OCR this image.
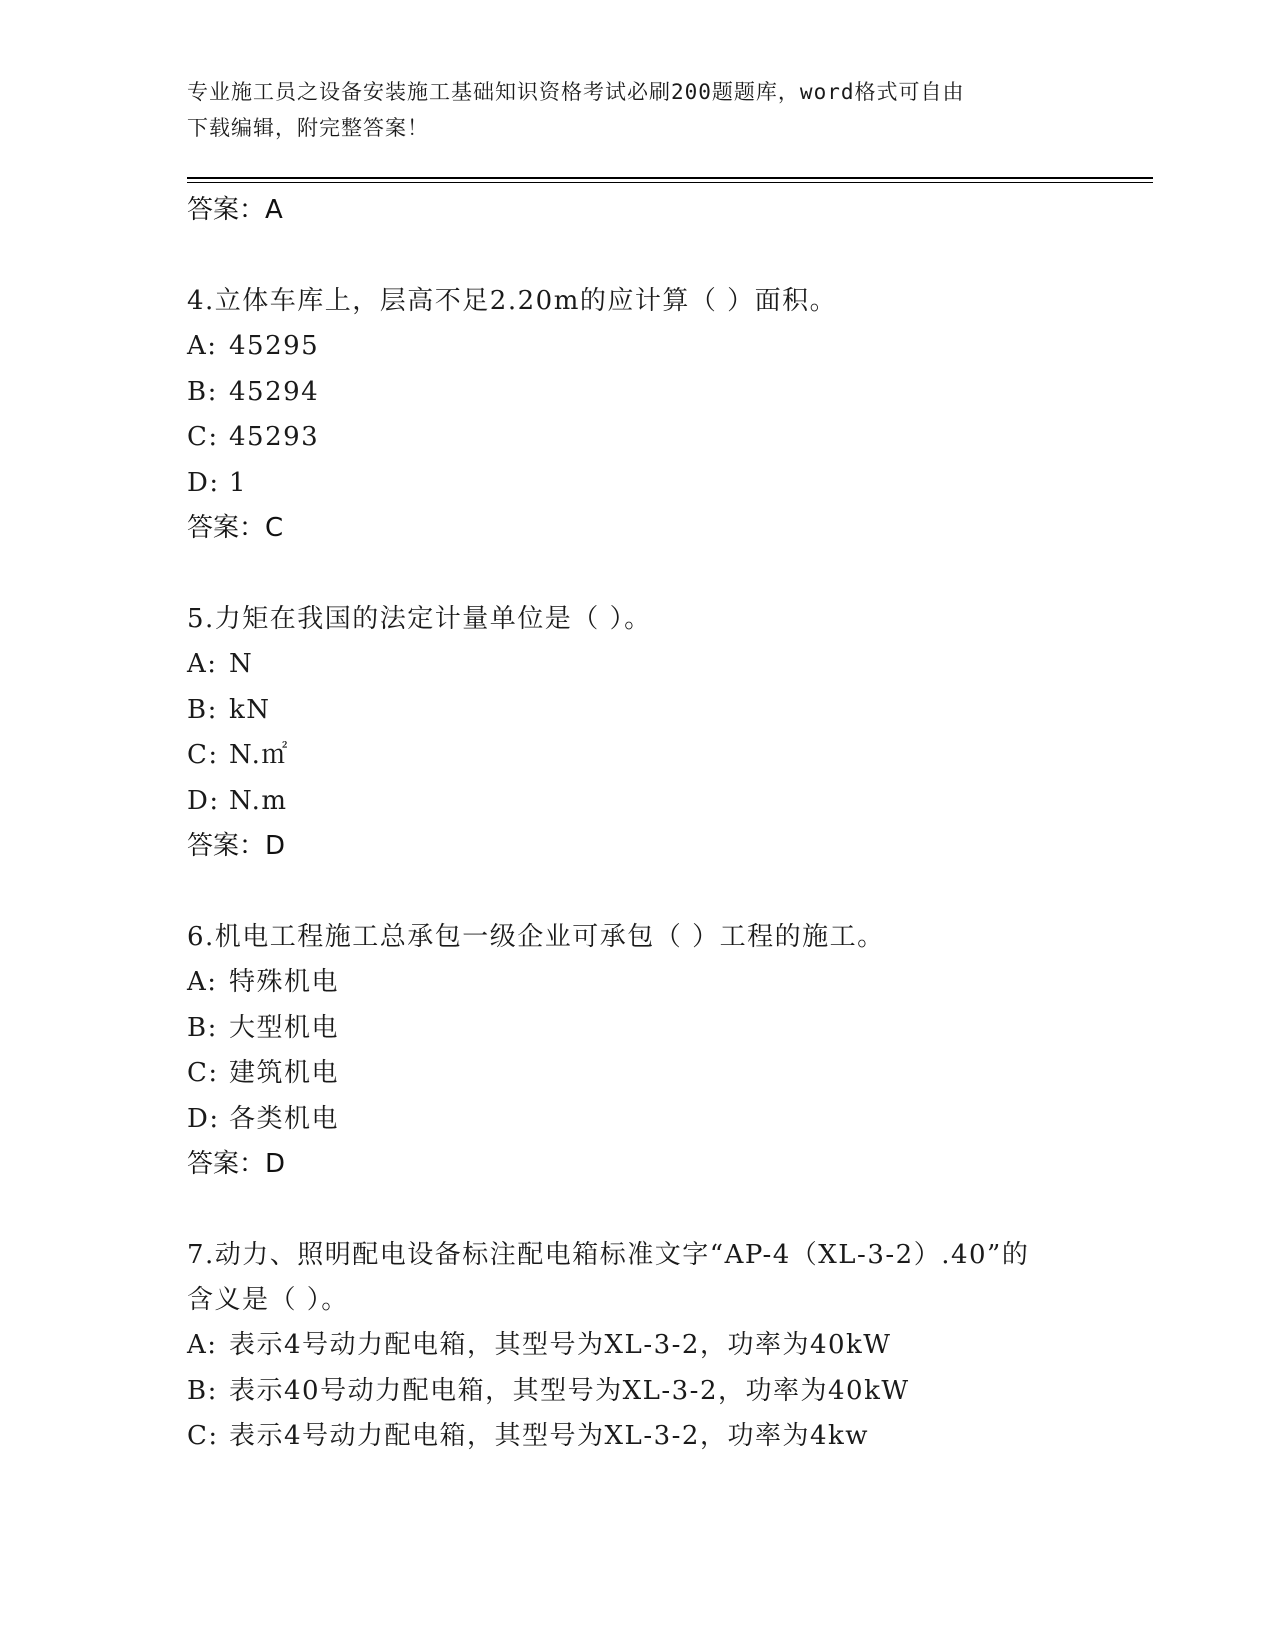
专业施工员之设备安装施工基础知识资格考试必刷200题题库，word格式可自由
下载编辑，附完整答案！
答案：A
4.立体车库上，层高不足2.20m的应计算（ ）面积。
A: 45295
B: 45294
C: 45293
D: 1
答案：C
5.力矩在我国的法定计量单位是（ ）。
A: N
B: kN
C: N.㎡
D: N.m
答案：D
6.机电工程施工总承包一级企业可承包（ ）工程的施工。
A: 特殊机电
B: 大型机电
C: 建筑机电
D: 各类机电
答案：D
7.动力、照明配电设备标注配电箱标准文字“AP-4（XL-3-2）.40”的
含义是（ ）。
A: 表示4号动力配电箱，其型号为XL-3-2，功率为40kW
B: 表示40号动力配电箱，其型号为XL-3-2，功率为40kW
C: 表示4号动力配电箱，其型号为XL-3-2，功率为4kw
